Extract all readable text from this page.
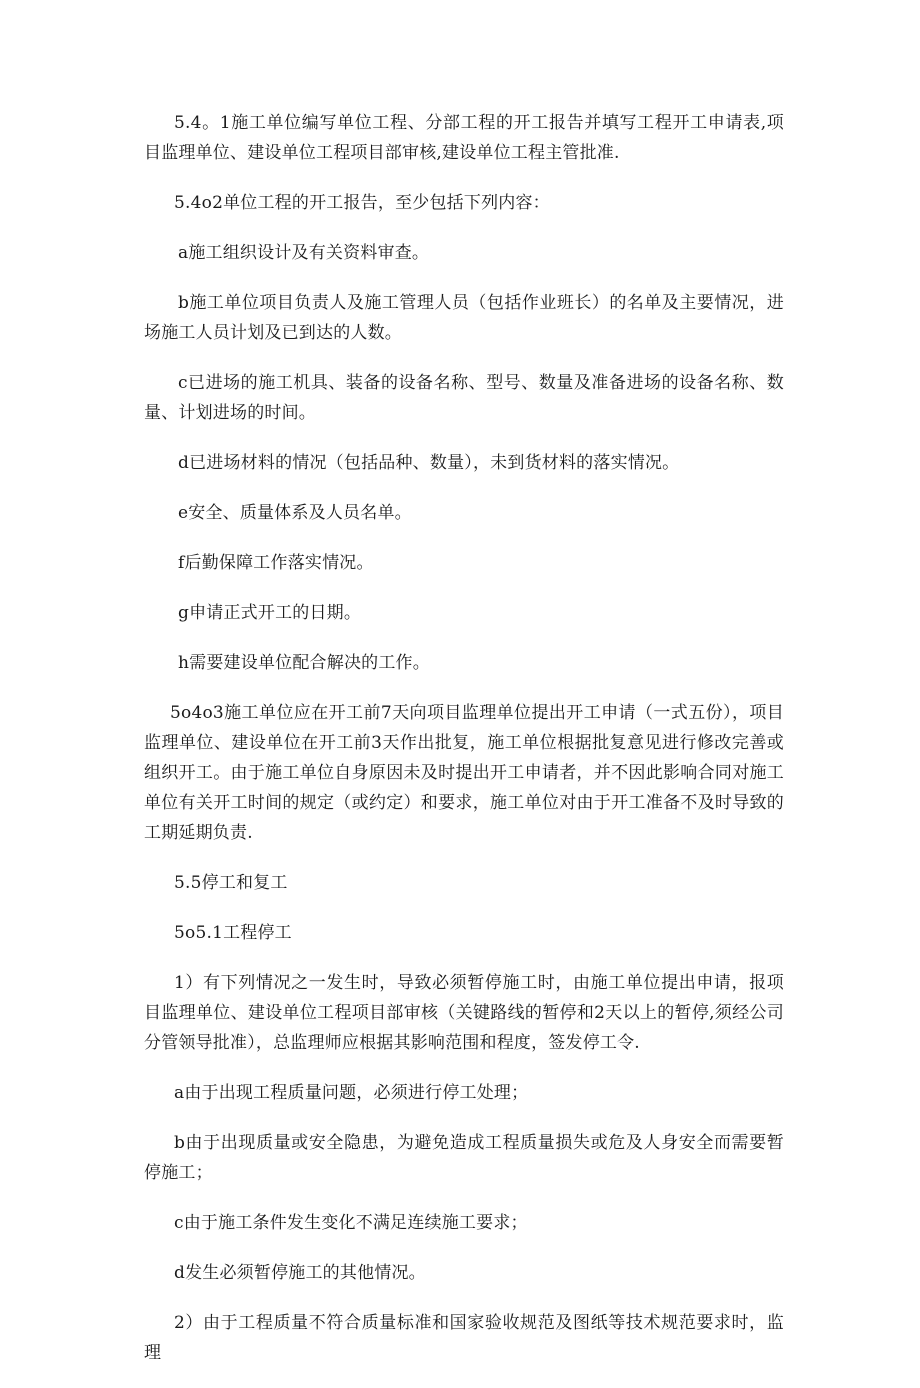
5.4。1施工单位编写单位工程、分部工程的开工报告并填写工程开工申请表,项目监理单位、建设单位工程项目部审核,建设单位工程主管批准.

5.4o2单位工程的开工报告，至少包括下列内容：

a施工组织设计及有关资料审查。

b施工单位项目负责人及施工管理人员（包括作业班长）的名单及主要情况，进场施工人员计划及已到达的人数。

c已进场的施工机具、装备的设备名称、型号、数量及准备进场的设备名称、数量、计划进场的时间。

d已进场材料的情况（包括品种、数量），未到货材料的落实情况。

e安全、质量体系及人员名单。

f后勤保障工作落实情况。

g申请正式开工的日期。

h需要建设单位配合解决的工作。

5o4o3施工单位应在开工前7天向项目监理单位提出开工申请（一式五份），项目监理单位、建设单位在开工前3天作出批复，施工单位根据批复意见进行修改完善或组织开工。由于施工单位自身原因未及时提出开工申请者，并不因此影响合同对施工单位有关开工时间的规定（或约定）和要求，施工单位对由于开工准备不及时导致的工期延期负责.

5.5停工和复工

5o5.1工程停工

1）有下列情况之一发生时，导致必须暂停施工时，由施工单位提出申请，报项目监理单位、建设单位工程项目部审核（关键路线的暂停和2天以上的暂停,须经公司分管领导批准），总监理师应根据其影响范围和程度，签发停工令.

a由于出现工程质量问题，必须进行停工处理；

b由于出现质量或安全隐患，为避免造成工程质量损失或危及人身安全而需要暂停施工；

c由于施工条件发生变化不满足连续施工要求；

d发生必须暂停施工的其他情况。

2）由于工程质量不符合质量标准和国家验收规范及图纸等技术规范要求时，监理
